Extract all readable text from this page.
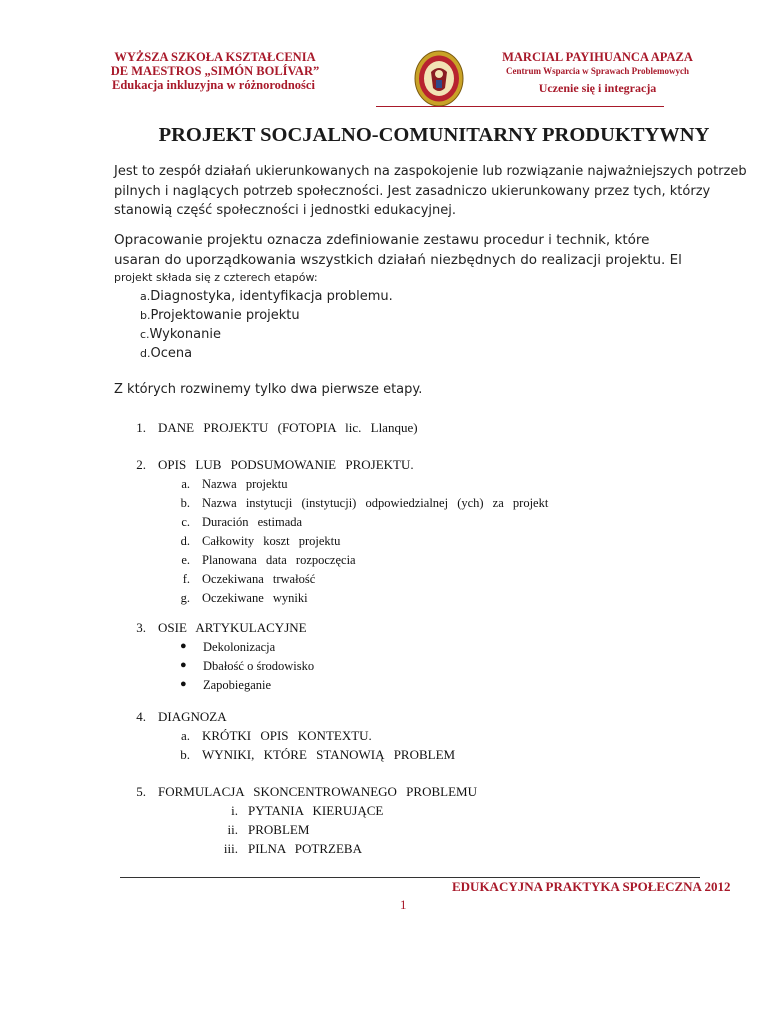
WYŻSZA SZKOŁA KSZTAŁCENIA
DE MAESTROS „SIMÓN BOLÍVAR”
Edukacja inkluzyjna w różnorodności
MARCIAL PAYIHUANCA APAZA
Centrum Wsparcia w Sprawach Problemowych
Uczenie się i integracja
PROJEKT SOCJALNO-COMUNITARNY PRODUKTYWNY
Jest to zespół działań ukierunkowanych na zaspokojenie lub rozwiązanie najważniejszych potrzeb
pilnych i naglących potrzeb społeczności. Jest zasadniczo ukierunkowany przez tych, którzy
stanowią część społeczności i jednostki edukacyjnej.
Opracowanie projektu oznacza zdefiniowanie zestawu procedur i technik, które
usaran do uporządkowania wszystkich działań niezbędnych do realizacji projektu. El
projekt składa się z czterech etapów:
a.Diagnostyka, identyfikacja problemu.
b.Projektowanie projektu
c.Wykonanie
d.Ocena
Z których rozwinemy tylko dwa pierwsze etapy.
1. DANE PROJEKTU (FOTOPIA lic. Llanque)
2. OPIS LUB PODSUMOWANIE PROJEKTU.
a. Nazwa projektu
b. Nazwa instytucji (instytucji) odpowiedzialnej (ych) za projekt
c. Duración estimada
d. Całkowity koszt projektu
e. Planowana data rozpoczęcia
f. Oczekiwana trwałość
g. Oczekiwane wyniki
3. OSIE ARTYKULACYJNE
● Dekolonizacja
● Dbałość o środowisko
● Zapobieganie
4. DIAGNOZA
a. KRÓTKI OPIS KONTEXTU.
b. WYNIKI, KTÓRE STANOWIĄ PROBLEM
5. FORMULACJA SKONCENTROWANEGO PROBLEMU
i. PYTANIA KIERUJĄCE
ii. PROBLEM
iii. PILNA POTRZEBA
EDUKACYJNA PRAKTYKA SPOŁECZNA 2012
1
